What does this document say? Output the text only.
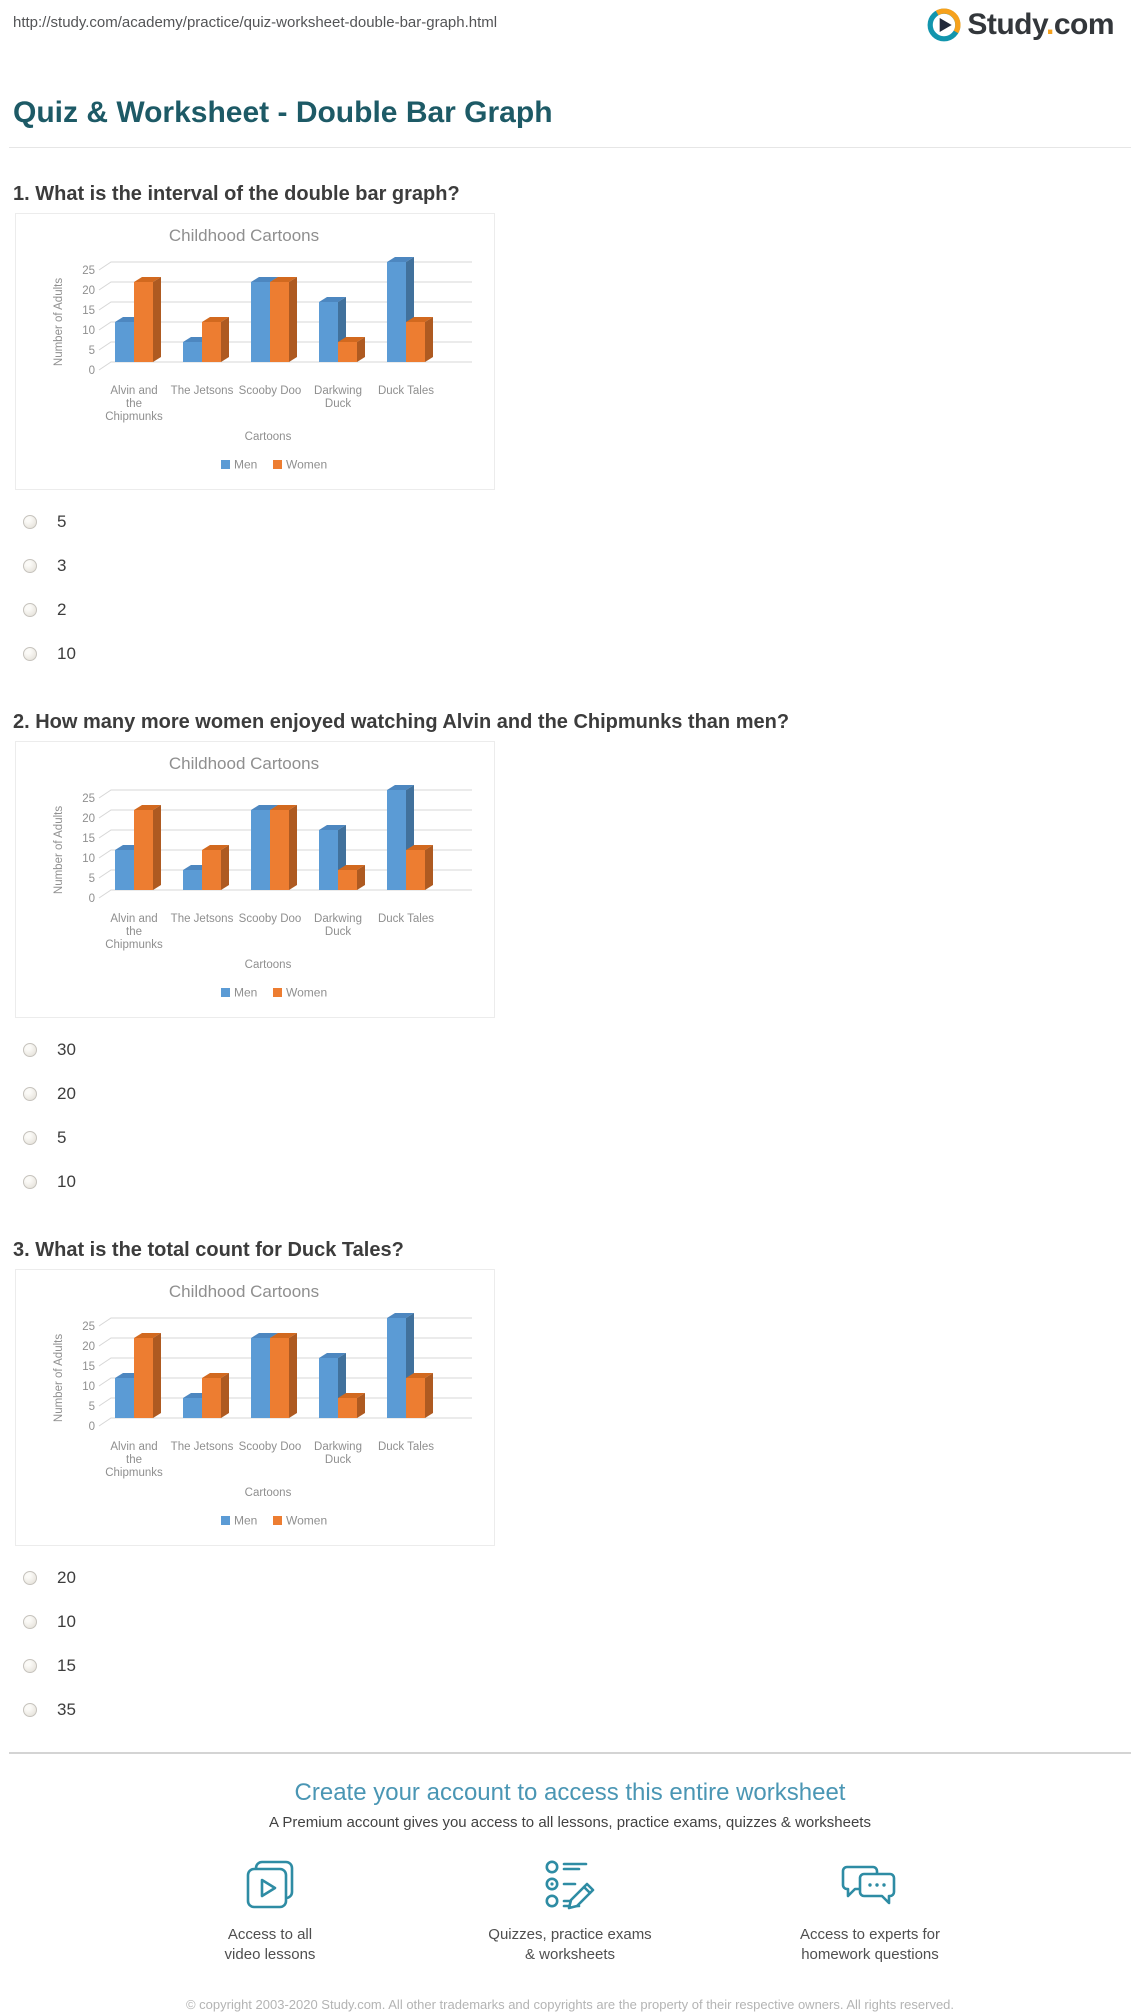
http://study.com/academy/practice/quiz-worksheet-double-bar-graph.html	Study.com
Quiz & Worksheet - Double Bar Graph
1. What is the interval of the double bar graph?
Childhood Cartoons
Number of Adults
0
5
10
15
20
25
Alvin and
the
Chipmunks
The Jetsons Scooby Doo Darkwing
Duck
Duck Tales
Cartoons
Men Women
5
3
2
10
2. How many more women enjoyed watching Alvin and the Chipmunks than men?
Childhood Cartoons
Number of Adults
0
5
10
15
20
25
Alvin and
the
Chipmunks
The Jetsons Scooby Doo Darkwing
Duck
Duck Tales
Cartoons
Men Women
30
20
5
10
3. What is the total count for Duck Tales?
Childhood Cartoons
Number of Adults
0
5
10
15
20
25
Alvin and
the
Chipmunks
The Jetsons Scooby Doo Darkwing
Duck
Duck Tales
Cartoons
Men Women
20
10
15
35
Create your account to access this entire worksheet
A Premium account gives you access to all lessons, practice exams, quizzes & worksheets
Access to all
video lessons
Quizzes, practice exams
& worksheets
Access to experts for
homework questions
© copyright 2003-2020 Study.com. All other trademarks and copyrights are the property of their respective owners. All rights reserved.
